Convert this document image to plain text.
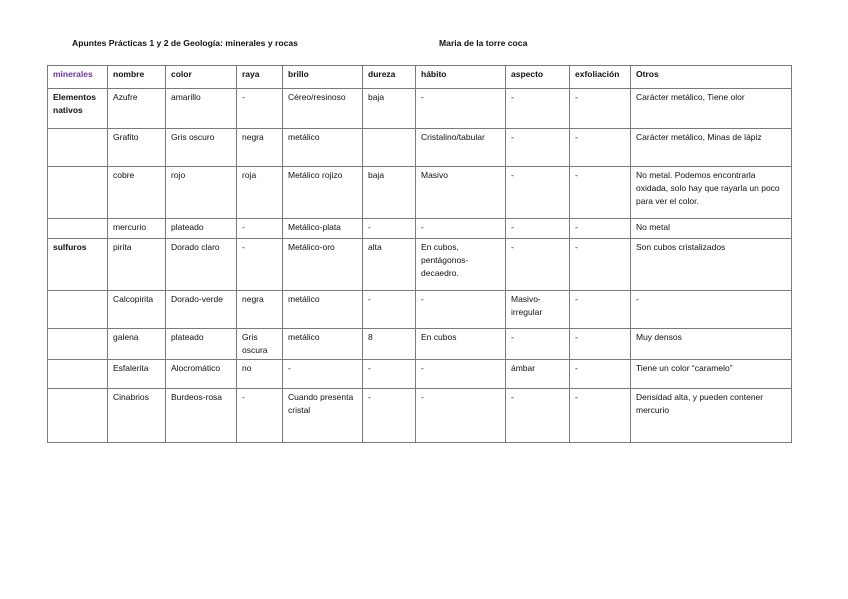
Apuntes Prácticas 1 y 2 de Geología: minerales y rocas	Maria de la torre coca
minerales	nombre	color	raya	brillo	dureza	hábito	aspecto	exfoliación	Otros
Elementos nativos	Azufre	amarillo	-	Céreo/resinoso	baja	-	-	-	Carácter metálico, Tiene olor
	Grafito	Gris oscuro	negra	metálico		Cristalino/tabular	-	-	Carácter metálico, Minas de lápiz
	cobre	rojo	roja	Metálico rojizo	baja	Masivo	-	-	No metal. Podemos encontrarla oxidada, solo hay que rayarla un poco para ver el color.
	mercurio	plateado	-	Metálico-plata	-	-	-	-	No metal
sulfuros	pirita	Dorado claro	-	Metálico-oro	alta	En cubos, pentágonos-decaedro.	-	-	Son cubos cristalizados
	Calcopirita	Dorado-verde	negra	metálico	-	-	Masivo-irregular	-	-
	galena	plateado	Gris oscura	metálico	8	En cubos	-	-	Muy densos
	Esfalerita	Alocromático	no	-	-	-	ámbar	-	Tiene un color “caramelo”
	Cinabrios	Burdeos-rosa	-	Cuando presenta cristal	-	-	-	-	Densidad alta, y pueden contener mercurio
